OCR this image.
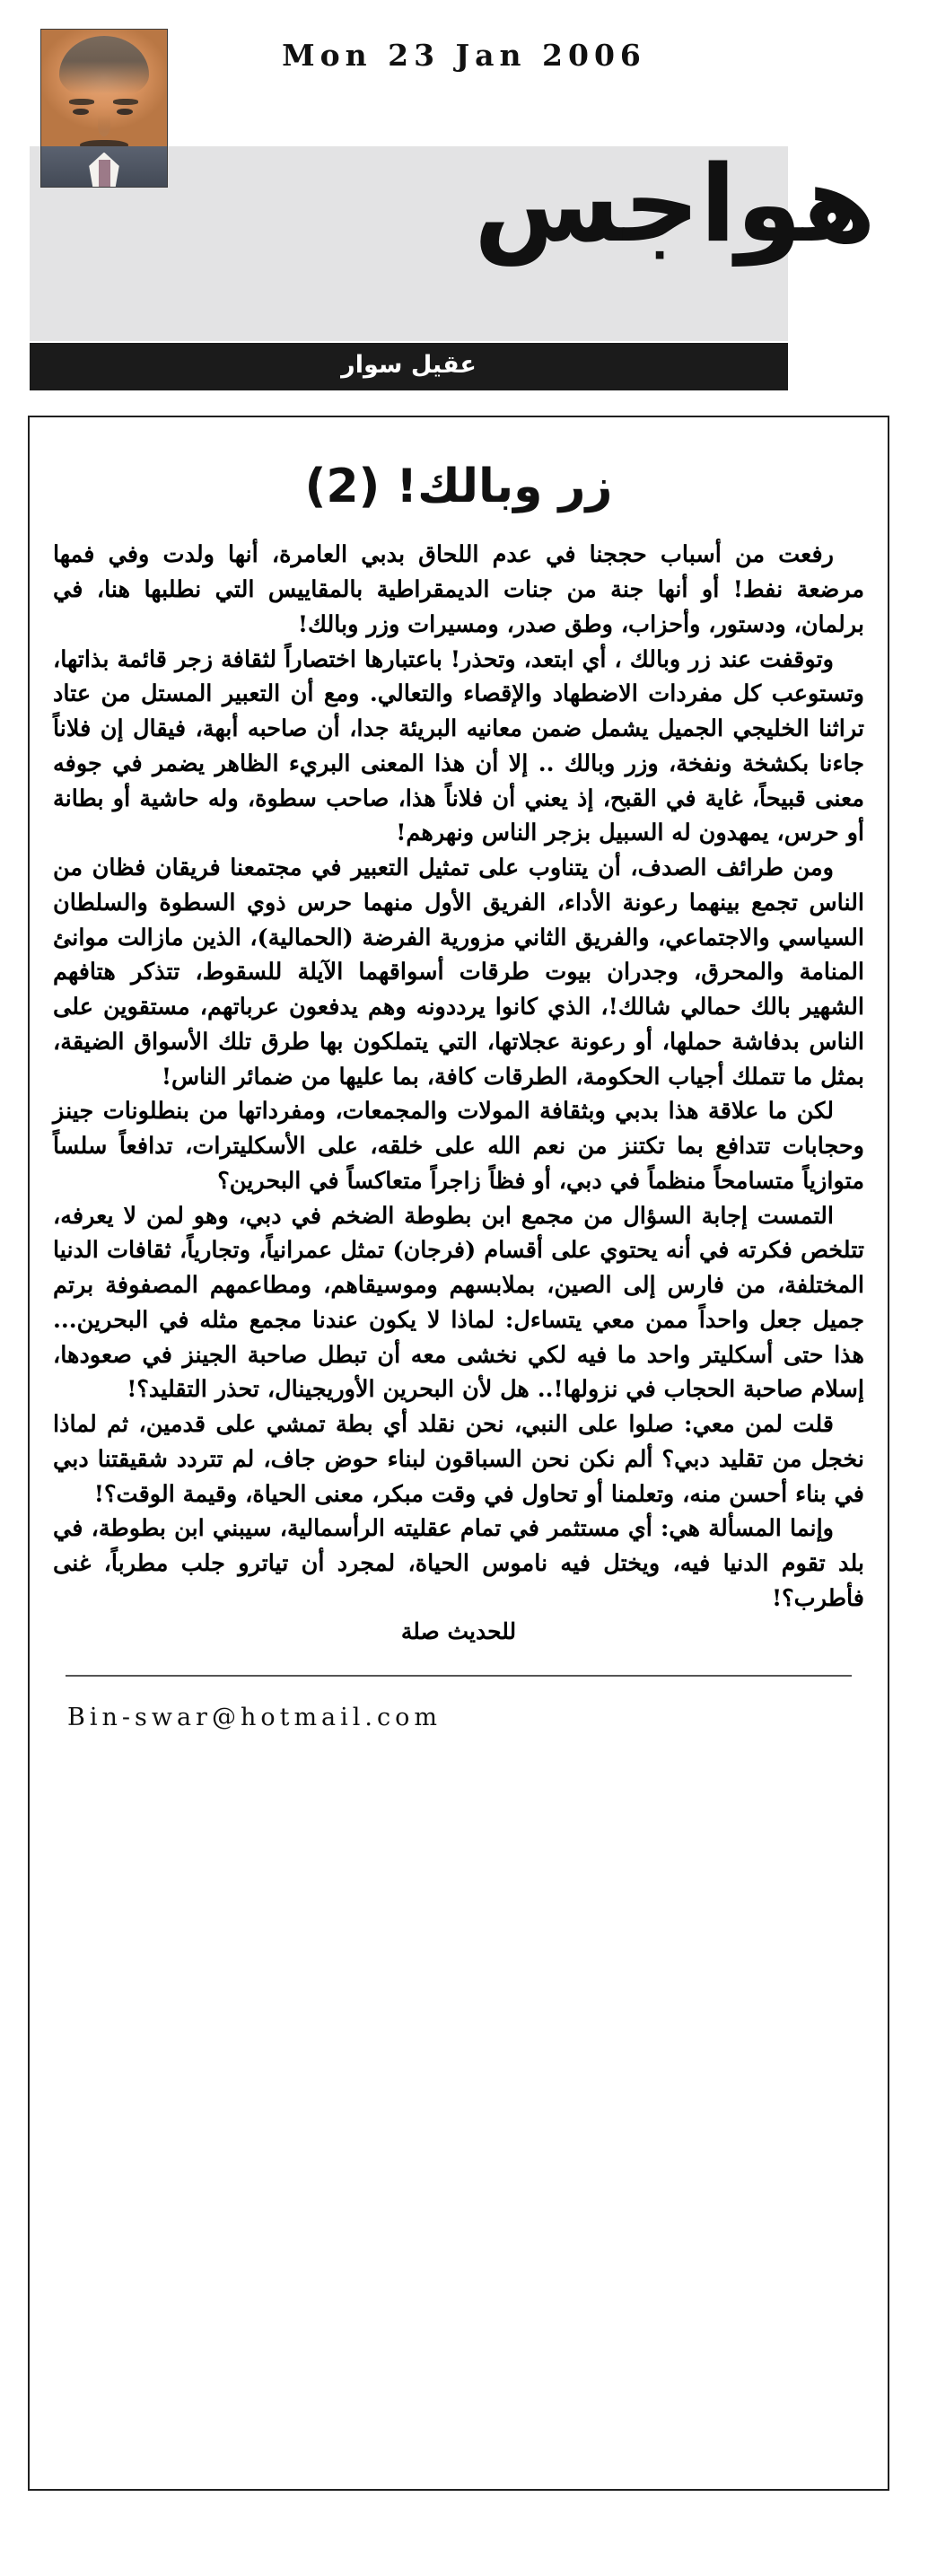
Mon 23 Jan 2006
هواجس
عقيل سوار
زر وبالك! (2)

رفعت من أسباب حججنا في عدم اللحاق بدبي العامرة، أنها ولدت وفي فمها مرضعة نفط! أو أنها جنة من جنات الديمقراطية بالمقاييس التي نطلبها هنا، في برلمان، ودستور، وأحزاب، وطق صدر، ومسيرات وزر وبالك!

وتوقفت عند زر وبالك ، أي ابتعد، وتحذر! باعتبارها اختصاراً لثقافة زجر قائمة بذاتها، وتستوعب كل مفردات الاضطهاد والإقصاء والتعالي. ومع أن التعبير المستل من عتاد تراثنا الخليجي الجميل يشمل ضمن معانيه البريئة جدا، أن صاحبه أبهة، فيقال إن فلاناً جاءنا بكشخة ونفخة، وزر وبالك .. إلا أن هذا المعنى البريء الظاهر يضمر في جوفه معنى قبيحاً، غاية في القبح، إذ يعني أن فلاناً هذا، صاحب سطوة، وله حاشية أو بطانة أو حرس، يمهدون له السبيل بزجر الناس ونهرهم!

ومن طرائف الصدف، أن يتناوب على تمثيل التعبير في مجتمعنا فريقان فظان من الناس تجمع بينهما رعونة الأداء، الفريق الأول منهما حرس ذوي السطوة والسلطان السياسي والاجتماعي، والفريق الثاني مزورية الفرضة (الحمالية)، الذين مازالت موانئ المنامة والمحرق، وجدران بيوت طرقات أسواقهما الآيلة للسقوط، تتذكر هتافهم الشهير بالك حمالي شالك!، الذي كانوا يرددونه وهم يدفعون عرباتهم، مستقوين على الناس بدفاشة حملها، أو رعونة عجلاتها، التي يتملكون بها طرق تلك الأسواق الضيقة، بمثل ما تتملك أجياب الحكومة، الطرقات كافة، بما عليها من ضمائر الناس!

لكن ما علاقة هذا بدبي وبثقافة المولات والمجمعات، ومفرداتها من بنطلونات جينز وحجابات تتدافع بما تكتنز من نعم الله على خلقه، على الأسكليترات، تدافعاً سلساً متوازياً متسامحاً منظماً في دبي، أو فظاً زاجراً متعاكساً في البحرين؟

التمست إجابة السؤال من مجمع ابن بطوطة الضخم في دبي، وهو لمن لا يعرفه، تتلخص فكرته في أنه يحتوي على أقسام (فرجان) تمثل عمرانياً، وتجارياً، ثقافات الدنيا المختلفة، من فارس إلى الصين، بملابسهم وموسيقاهم، ومطاعمهم المصفوفة برتم جميل جعل واحداً ممن معي يتساءل: لماذا لا يكون عندنا مجمع مثله في البحرين... هذا حتى أسكليتر واحد ما فيه لكي نخشى معه أن تبطل صاحبة الجينز في صعودها، إسلام صاحبة الحجاب في نزولها!.. هل لأن البحرين الأوريجينال، تحذر التقليد؟!

قلت لمن معي: صلوا على النبي، نحن نقلد أي بطة تمشي على قدمين، ثم لماذا نخجل من تقليد دبي؟ ألم نكن نحن السباقون لبناء حوض جاف، لم تتردد شقيقتنا دبي في بناء أحسن منه، وتعلمنا أو تحاول في وقت مبكر، معنى الحياة، وقيمة الوقت؟!

وإنما المسألة هي: أي مستثمر في تمام عقليته الرأسمالية، سيبني ابن بطوطة، في بلد تقوم الدنيا فيه، ويختل فيه ناموس الحياة، لمجرد أن تياترو جلب مطرباً، غنى فأطرب؟!

للحديث صلة
Bin-swar@hotmail.com
